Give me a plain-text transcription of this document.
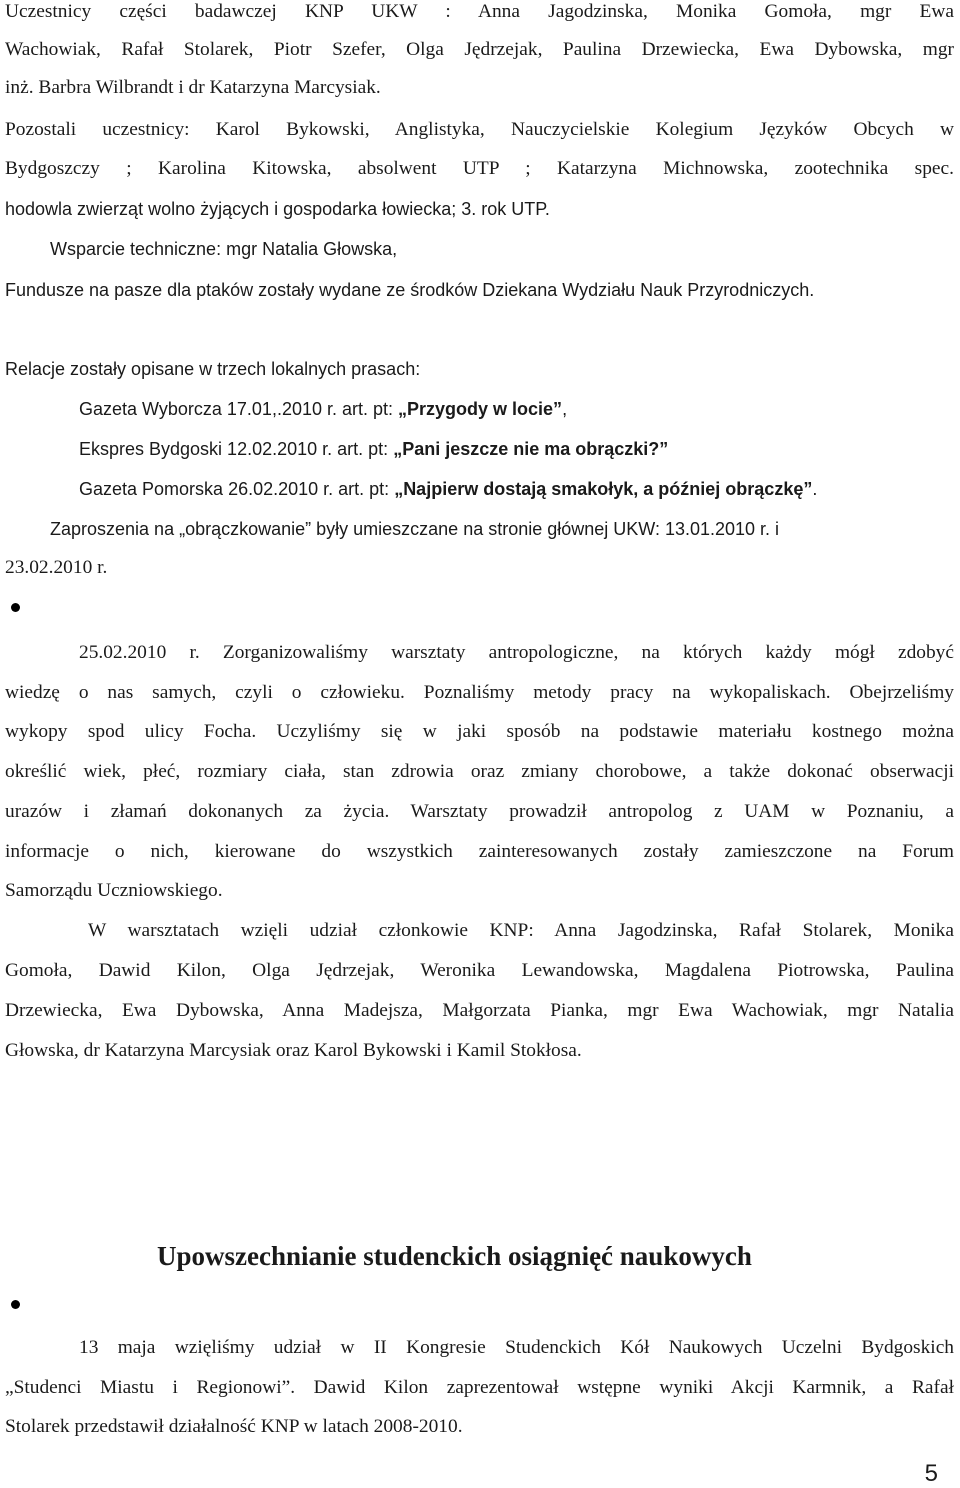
Uczestnicy części badawczej KNP UKW : Anna Jagodzinska, Monika Gomoła, mgr Ewa
Wachowiak, Rafał Stolarek, Piotr Szefer, Olga Jędrzejak, Paulina Drzewiecka, Ewa Dybowska, mgr
inż. Barbra Wilbrandt i dr Katarzyna Marcysiak.
Pozostali uczestnicy: Karol Bykowski, Anglistyka, Nauczycielskie Kolegium Języków Obcych w
Bydgoszczy ; Karolina Kitowska, absolwent UTP ; Katarzyna Michnowska, zootechnika spec.
hodowla zwierząt wolno żyjących i gospodarka łowiecka; 3. rok UTP.
Wsparcie techniczne: mgr Natalia Głowska,
Fundusze na pasze dla ptaków zostały wydane ze środków Dziekana Wydziału Nauk Przyrodniczych.
Relacje zostały opisane w trzech lokalnych prasach:
Gazeta Wyborcza 17.01,.2010 r. art. pt: „Przygody w locie”,
Ekspres Bydgoski 12.02.2010 r. art. pt: „Pani jeszcze nie ma obrączki?”
Gazeta Pomorska 26.02.2010 r. art. pt: „Najpierw dostają smakołyk, a później obrączkę”.
Zaproszenia na „obrączkowanie” były umieszczane na stronie głównej UKW: 13.01.2010 r. i
23.02.2010 r.
25.02.2010 r. Zorganizowaliśmy warsztaty antropologiczne, na których każdy mógł zdobyć
wiedzę o nas samych, czyli o człowieku. Poznaliśmy metody pracy na wykopaliskach. Obejrzeliśmy
wykopy spod ulicy Focha. Uczyliśmy się w jaki sposób na podstawie materiału kostnego można
określić wiek, płeć, rozmiary ciała, stan zdrowia oraz zmiany chorobowe, a także dokonać obserwacji
urazów i złamań dokonanych za życia. Warsztaty prowadził antropolog z UAM w Poznaniu, a
informacje o nich, kierowane do wszystkich zainteresowanych zostały zamieszczone na Forum
Samorządu Uczniowskiego.
W warsztatach wzięli udział członkowie KNP: Anna Jagodzinska, Rafał Stolarek, Monika
Gomoła, Dawid Kilon, Olga Jędrzejak, Weronika Lewandowska, Magdalena Piotrowska, Paulina
Drzewiecka, Ewa Dybowska, Anna Madejsza, Małgorzata Pianka, mgr Ewa Wachowiak, mgr Natalia
Głowska, dr Katarzyna Marcysiak oraz Karol Bykowski i Kamil Stokłosa.
Upowszechnianie studenckich osiągnięć naukowych
13 maja wzięliśmy udział w II Kongresie Studenckich Kół Naukowych Uczelni Bydgoskich
„Studenci Miastu i Regionowi”. Dawid Kilon zaprezentował wstępne wyniki Akcji Karmnik, a Rafał
Stolarek przedstawił działalność KNP w latach 2008-2010.
5
